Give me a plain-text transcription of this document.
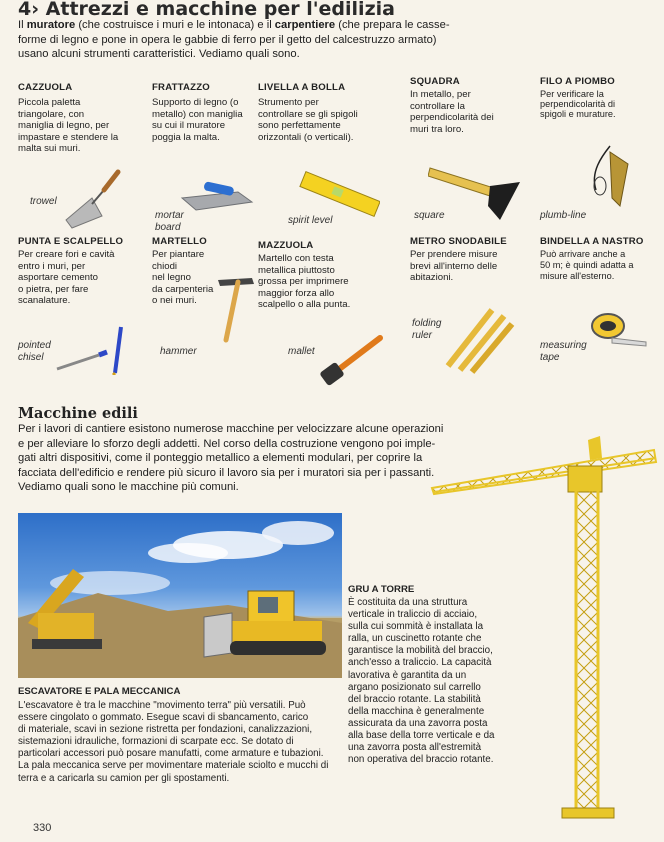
4› Attrezzi e macchine per l'edilizia
Il muratore (che costruisce i muri e le intonaca) e il carpentiere (che prepara le casse-
forme di legno e pone in opera le gabbie di ferro per il getto del calcestruzzo armato)
usano alcuni strumenti caratteristici. Vediamo quali sono.
CAZZUOLA
Piccola paletta
triangolare, con
maniglia di legno, per
impastare e stendere la
malta sui muri.
trowel
FRATTAZZO
Supporto di legno (o
metallo) con maniglia
su cui il muratore
poggia la malta.
mortar
board
LIVELLA A BOLLA
Strumento per
controllare se gli spigoli
sono perfettamente
orizzontali (o verticali).
spirit level
SQUADRA
In metallo, per
controllare la
perpendicolarità dei
muri tra loro.
square
FILO A PIOMBO
Per verificare la
perpendicolarità di
spigoli e murature.
plumb-line
PUNTA E SCALPELLO
Per creare fori e cavità
entro i muri, per
asportare cemento
o pietra, per fare
scanalature.
pointed
chisel
MARTELLO
Per piantare
chiodi
nel legno
da carpenteria
o nei muri.
hammer
MAZZUOLA
Martello con testa
metallica piuttosto
grossa per imprimere
maggior forza allo
scalpello o alla punta.
mallet
METRO SNODABILE
Per prendere misure
brevi all'interno delle
abitazioni.
folding
ruler
BINDELLA A NASTRO
Può arrivare anche a
50 m; è quindi adatta a
misure all'esterno.
measuring
tape
Macchine edili
Per i lavori di cantiere esistono numerose macchine per velocizzare alcune operazioni
e per alleviare lo sforzo degli addetti. Nel corso della costruzione vengono poi imple-
gati altri dispositivi, come il ponteggio metallico a elementi modulari, per coprire la
facciata dell'edificio e rendere più sicuro il lavoro sia per i muratori sia per i passanti.
Vediamo quali sono le macchine più comuni.
ESCAVATORE E PALA MECCANICA
L'escavatore è tra le macchine "movimento terra" più versatili. Può
essere cingolato o gommato. Esegue scavi di sbancamento, carico
di materiale, scavi in sezione ristretta per fondazioni, canalizzazioni,
sistemazioni idrauliche, formazioni di scarpate ecc. Se dotato di
particolari accessori può posare manufatti, come armature e tubazioni.
La pala meccanica serve per movimentare materiale sciolto e mucchi di
terra e a caricarla su camion per gli spostamenti.
GRU A TORRE
È costituita da una struttura
verticale in traliccio di acciaio,
sulla cui sommità è installata la
ralla, un cuscinetto rotante che
garantisce la mobilità del braccio,
anch'esso a traliccio. La capacità
lavorativa è garantita da un
argano posizionato sul carrello
del braccio rotante. La stabilità
della macchina è generalmente
assicurata da una zavorra posta
alla base della torre verticale e da
una zavorra posta all'estremità
non operativa del braccio rotante.
330
